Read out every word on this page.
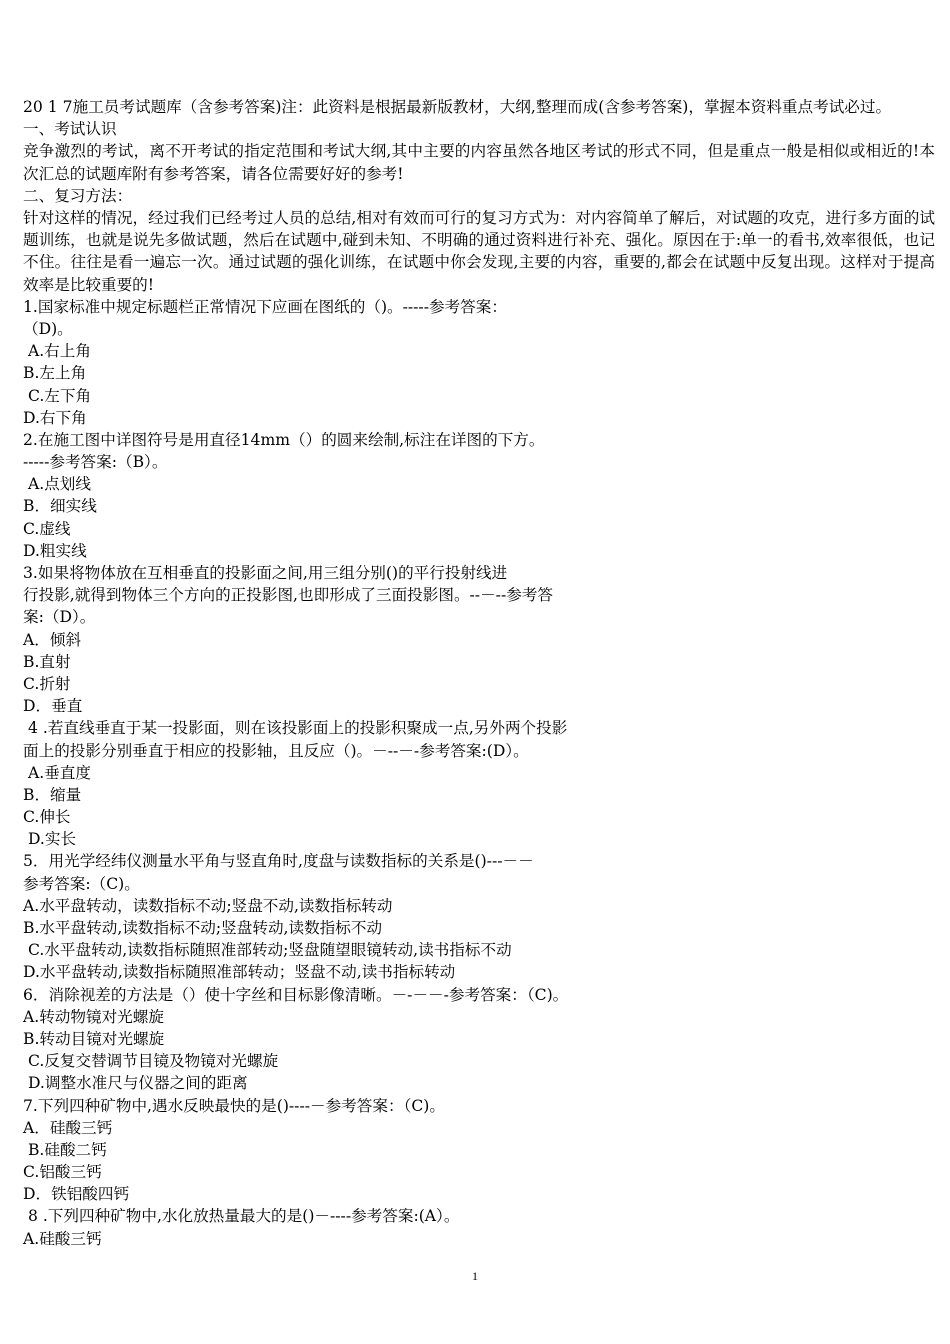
20 1 7施工员考试题库（含参考答案)注：此资料是根据最新版教材，大纲,整理而成(含参考答案)，掌握本资料重点考试必过。
一、考试认识
竞争激烈的考试，离不开考试的指定范围和考试大纲,其中主要的内容虽然各地区考试的形式不同，但是重点一般是相似或相近的!本次汇总的试题库附有参考答案，请各位需要好好的参考!
二、复习方法：
针对这样的情况，经过我们已经考过人员的总结,相对有效而可行的复习方式为：对内容简单了解后，对试题的攻克，进行多方面的试题训练，也就是说先多做试题，然后在试题中,碰到未知、不明确的通过资料进行补充、强化。原因在于:单一的看书,效率很低，也记不住。往往是看一遍忘一次。通过试题的强化训练，在试题中你会发现,主要的内容，重要的,都会在试题中反复出现。这样对于提高效率是比较重要的!
1.国家标准中规定标题栏正常情况下应画在图纸的（)。-----参考答案：
（D)。
A.右上角
B.左上角
C.左下角
D.右下角
2.在施工图中详图符号是用直径14mm（）的圆来绘制,标注在详图的下方。
-----参考答案:（B）。
A.点划线
B．细实线
C.虚线
D.粗实线
3.如果将物体放在互相垂直的投影面之间,用三组分别()的平行投射线进
行投影,就得到物体三个方向的正投影图,也即形成了三面投影图。--－--参考答
案:（D）。
A．倾斜
B.直射
C.折射
D．垂直
4 .若直线垂直于某一投影面，则在该投影面上的投影积聚成一点,另外两个投影
面上的投影分别垂直于相应的投影轴，且反应（)。－--－-参考答案:(D）。
A.垂直度
B．缩量
C.伸长
D.实长
5．用光学经纬仪测量水平角与竖直角时,度盘与读数指标的关系是()---－－
参考答案:（C)。
A.水平盘转动，读数指标不动;竖盘不动,读数指标转动
B.水平盘转动,读数指标不动;竖盘转动,读数指标不动
C.水平盘转动,读数指标随照准部转动;竖盘随望眼镜转动,读书指标不动
D.水平盘转动,读数指标随照准部转动；竖盘不动,读书指标转动
6．消除视差的方法是（）使十字丝和目标影像清晰。－-－－-参考答案：（C)。
A.转动物镜对光螺旋
B.转动目镜对光螺旋
C.反复交替调节目镜及物镜对光螺旋
D.调整水准尺与仪器之间的距离
7.下列四种矿物中,遇水反映最快的是()----－参考答案：（C)。
A．硅酸三钙
B.硅酸二钙
C.铝酸三钙
D．铁铝酸四钙
8 .下列四种矿物中,水化放热量最大的是()－----参考答案:(A）。
A.硅酸三钙
1
